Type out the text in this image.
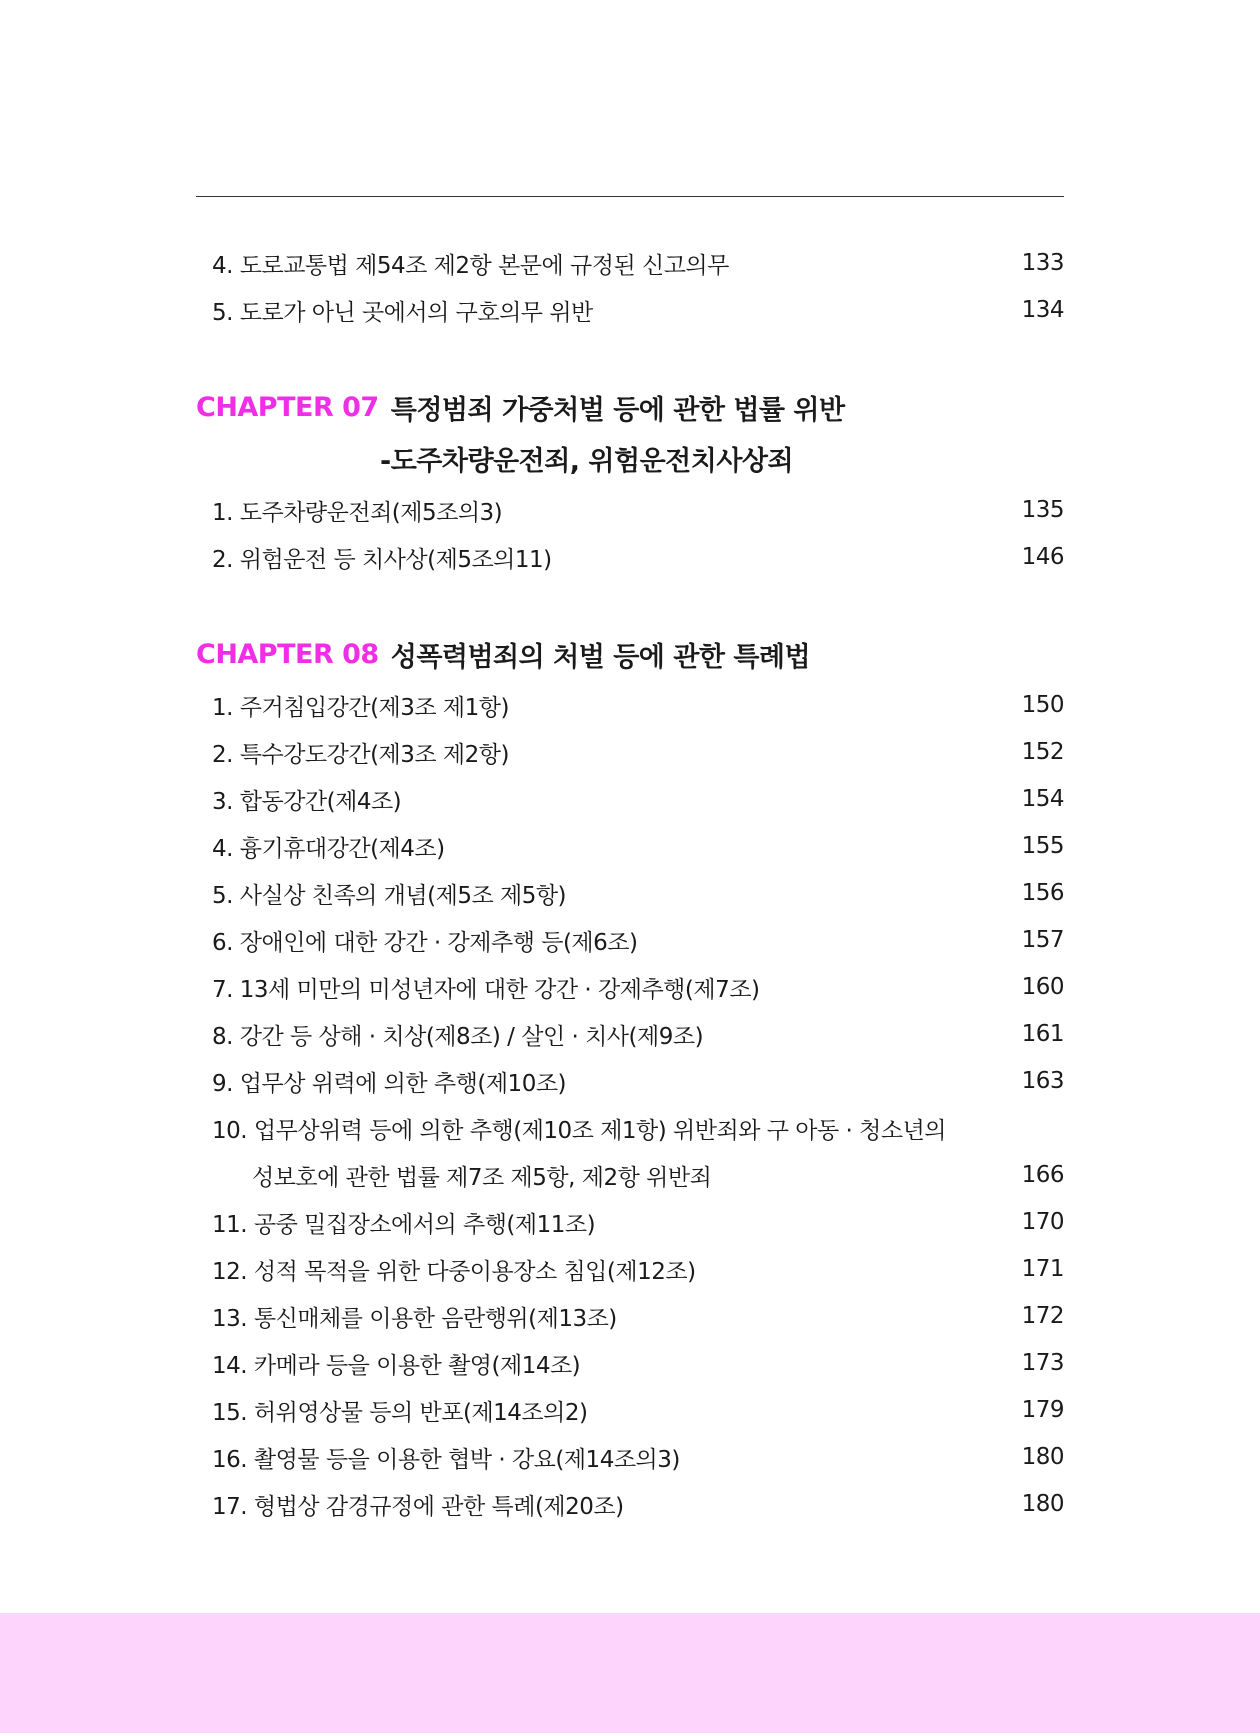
4. 도로교통법 제54조 제2항 본문에 규정된 신고의무	133
5. 도로가 아닌 곳에서의 구호의무 위반	134
CHAPTER 07 특정범죄 가중처벌 등에 관한 법률 위반
-도주차량운전죄, 위험운전치사상죄
1. 도주차량운전죄(제5조의3)	135
2. 위험운전 등 치사상(제5조의11)	146
CHAPTER 08 성폭력범죄의 처벌 등에 관한 특례법
1. 주거침입강간(제3조 제1항)	150
2. 특수강도강간(제3조 제2항)	152
3. 합동강간(제4조)	154
4. 흉기휴대강간(제4조)	155
5. 사실상 친족의 개념(제5조 제5항)	156
6. 장애인에 대한 강간 · 강제추행 등(제6조)	157
7. 13세 미만의 미성년자에 대한 강간 · 강제추행(제7조)	160
8. 강간 등 상해 · 치상(제8조) / 살인 · 치사(제9조)	161
9. 업무상 위력에 의한 추행(제10조)	163
10. 업무상위력 등에 의한 추행(제10조 제1항) 위반죄와 구 아동 · 청소년의
성보호에 관한 법률 제7조 제5항, 제2항 위반죄	166
11. 공중 밀집장소에서의 추행(제11조)	170
12. 성적 목적을 위한 다중이용장소 침입(제12조)	171
13. 통신매체를 이용한 음란행위(제13조)	172
14. 카메라 등을 이용한 촬영(제14조)	173
15. 허위영상물 등의 반포(제14조의2)	179
16. 촬영물 등을 이용한 협박 · 강요(제14조의3)	180
17. 형법상 감경규정에 관한 특례(제20조)	180
